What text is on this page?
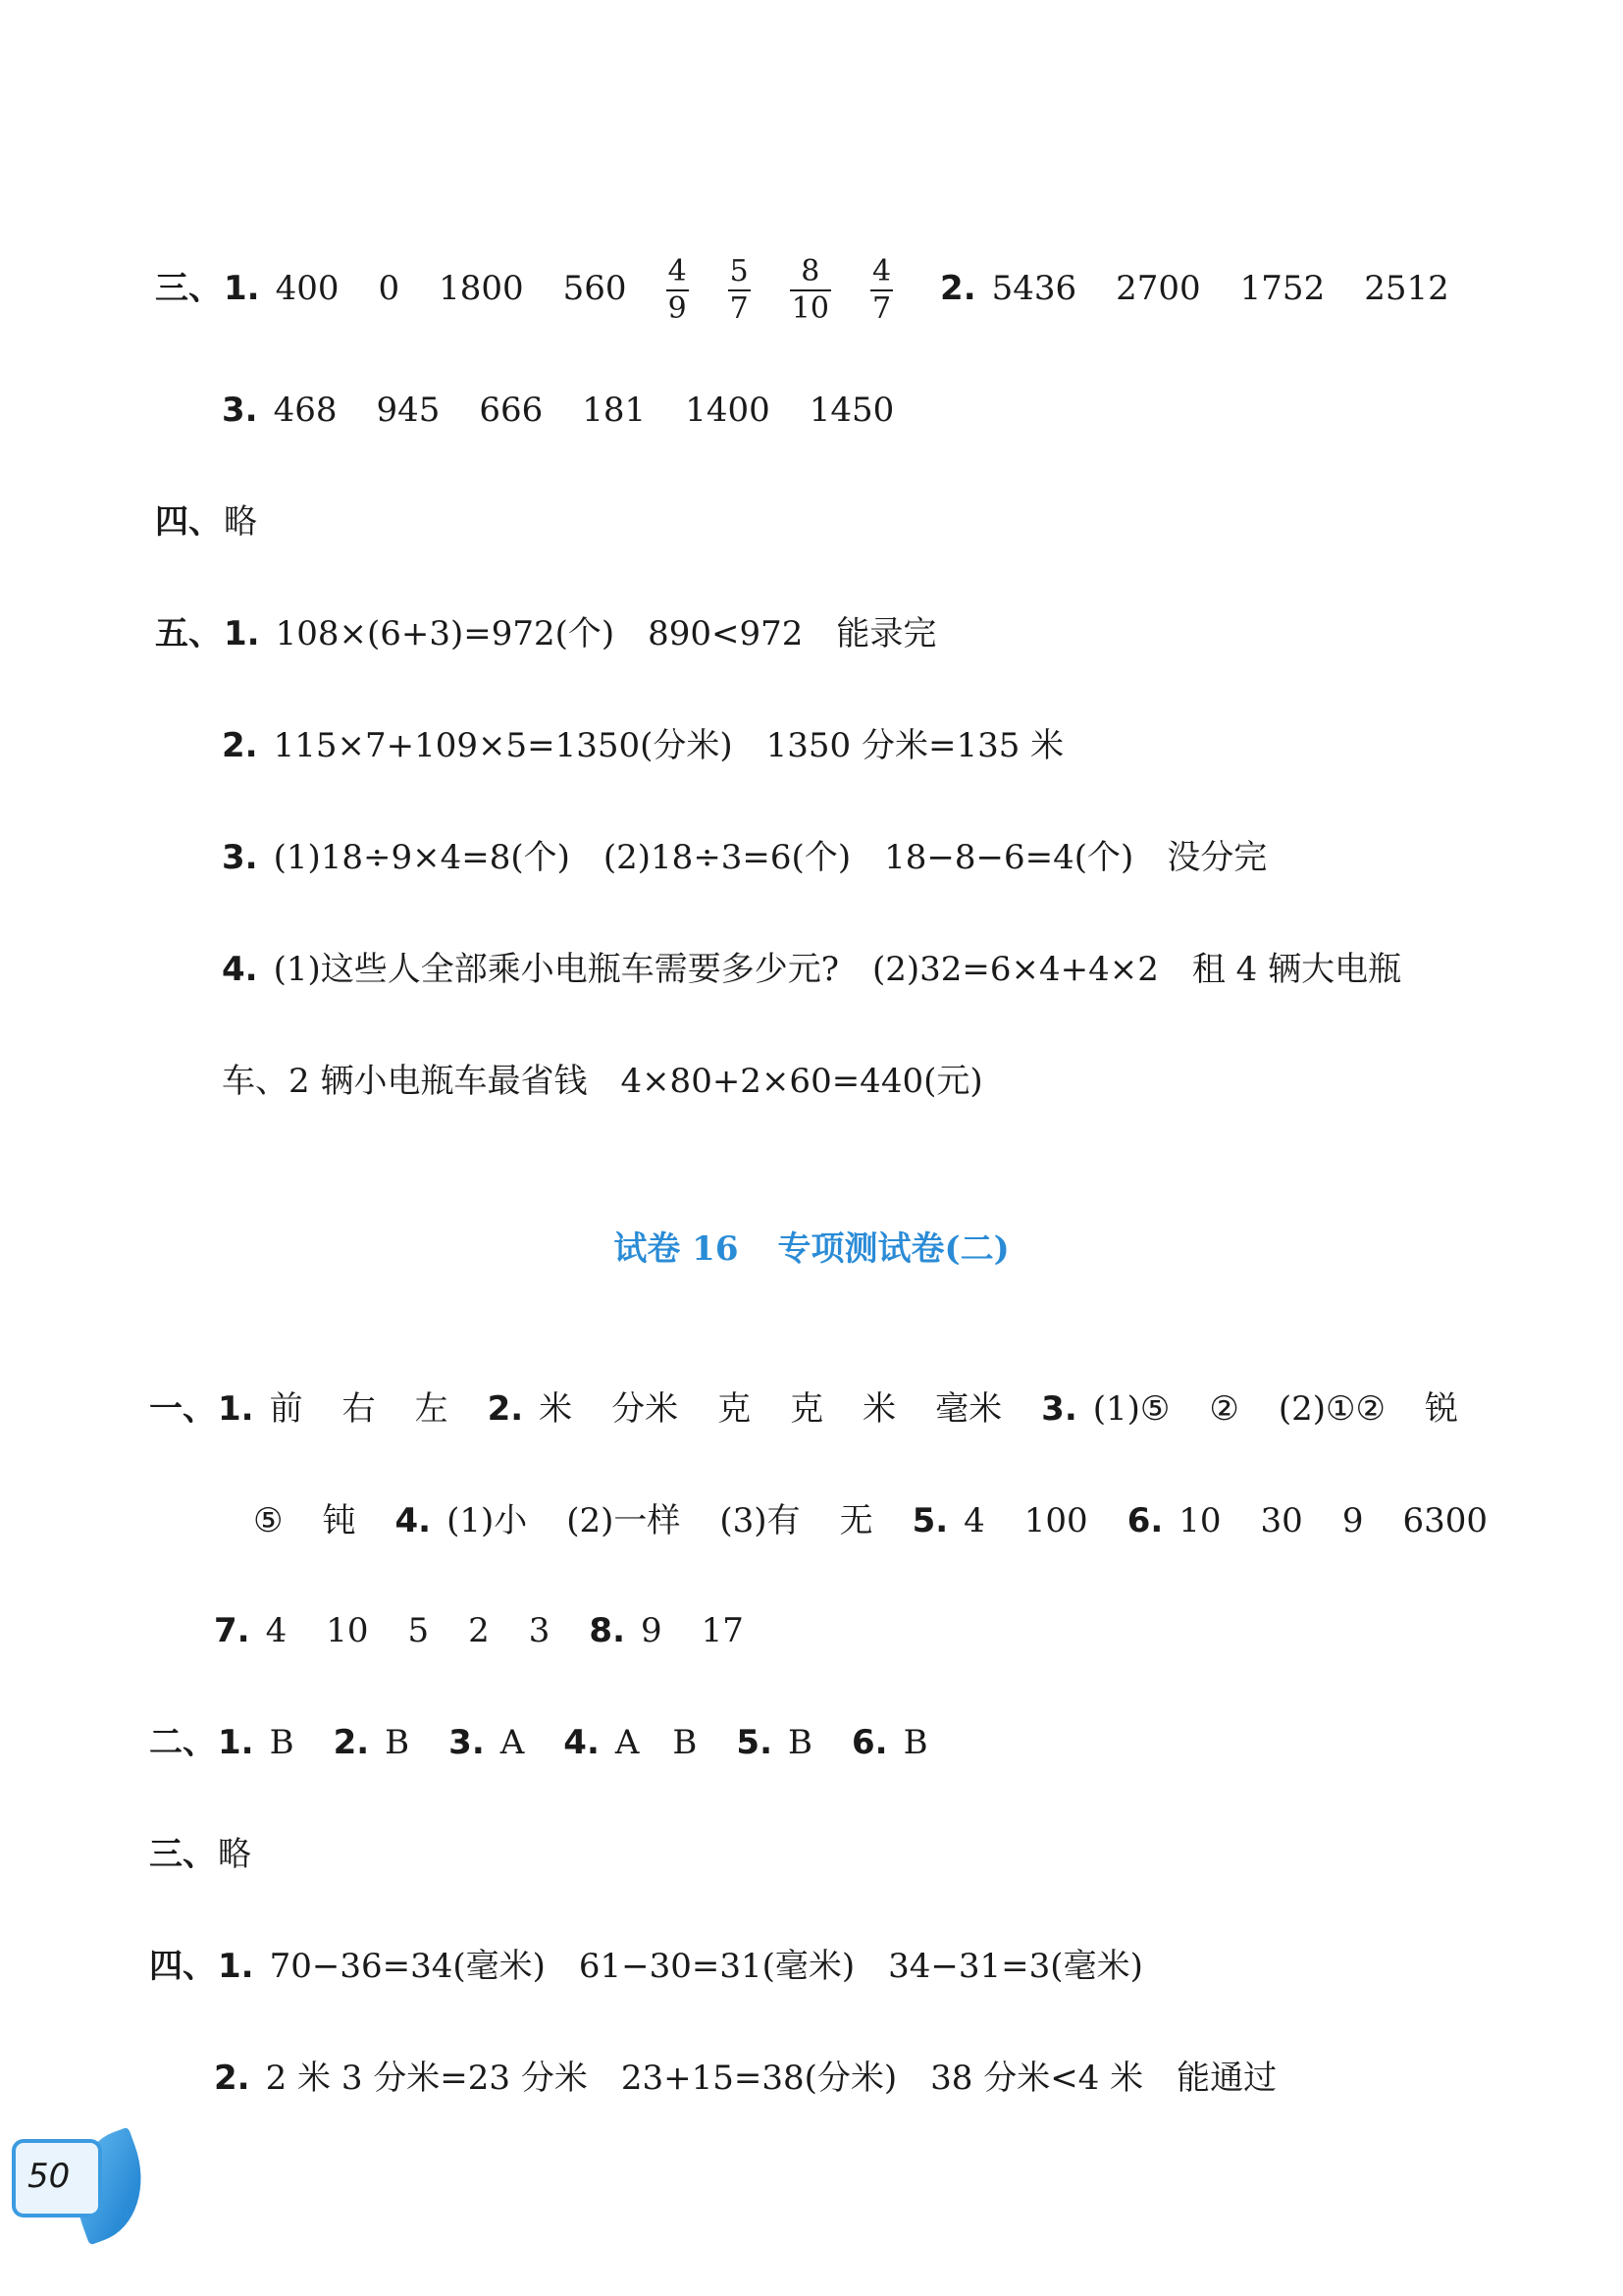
三、1. 400 0 1800 $560 \frac{4}{9} \frac{5}{7} \frac{8}{10} \frac{4}{7} 2$. 5436 2700 1752 2512
3. 468 945 666 181 1400 1450
四、略
五、1. 108×(6+3)=972(个)　890<972　能录完
2. 115×7+109×5=1350(分米)　1350 分米=135 米
3. (1)18÷9×4=8(个)　(2)18÷3=6(个)　18−8−6=4(个)　没分完
4. (1)这些人全部乘小电瓶车需要多少元?　(2)32=6×4+4×2　租 4 辆大电瓶
车、2 辆小电瓶车最省钱　4×80+2×60=440(元)
试卷 16 专项测试卷(二)
一、1. 前 右 左 2. 米 分米 克 克 米 毫米 3. (1)⑤ ② (2)①② 锐
⑤ 钝 4. (1)小 (2)一样 (3)有 无 5. 4 100 6. 10 30 9 6300
7. 4 10 5 2 3 8. 9 17
二、1. B 2. B 3. A 4. A　B 5. B 6. B
三、略
四、1. 70−36=34(毫米)　61−30=31(毫米)　34−31=3(毫米)
2. 2 米 3 分米=23 分米　23+15=38(分米)　38 分米<4 米　能通过
50
